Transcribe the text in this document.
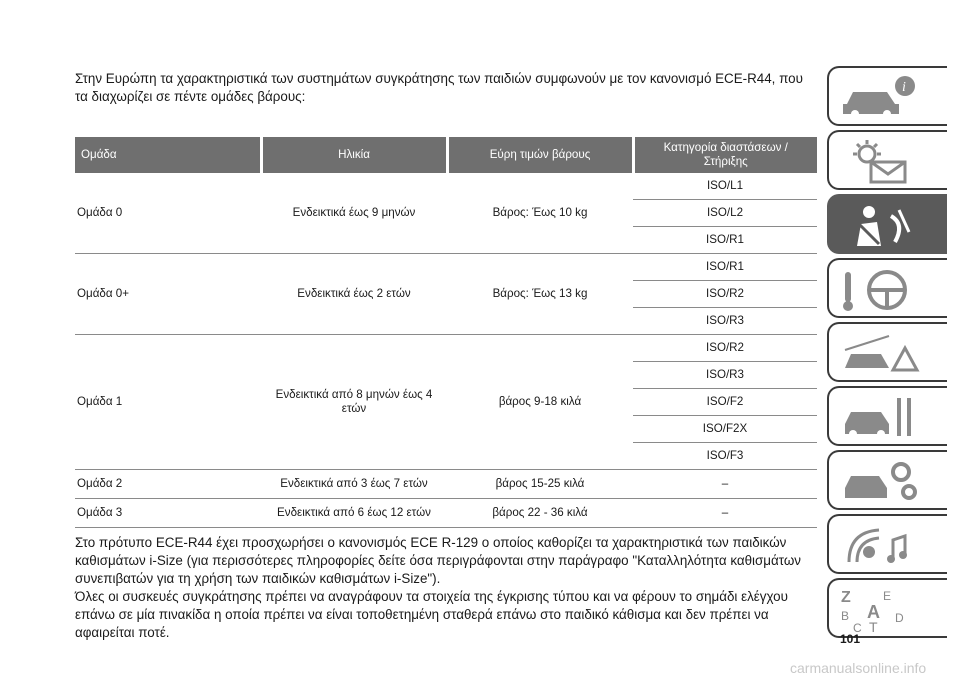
Στην Ευρώπη τα χαρακτηριστικά των συστημάτων συγκράτησης των παιδιών συμφωνούν με τον κανονισμό ECE-R44, που τα διαχωρίζει σε πέντε ομάδες βάρους:

Ομάδα	Ηλικία	Εύρη τιμών βάρους	Κατηγορία διαστάσεων / Στήριξης
Ομάδα 0	Ενδεικτικά έως 9 μηνών	Βάρος: Έως 10 kg	ISO/L1
			ISO/L2
			ISO/R1
Ομάδα 0+	Ενδεικτικά έως 2 ετών	Βάρος: Έως 13 kg	ISO/R1
			ISO/R2
			ISO/R3
Ομάδα 1	Ενδεικτικά από 8 μηνών έως 4 ετών	βάρος 9-18 κιλά	ISO/R2
			ISO/R3
			ISO/F2
			ISO/F2X
			ISO/F3
Ομάδα 2	Ενδεικτικά από 3 έως 7 ετών	βάρος 15-25 κιλά	–
Ομάδα 3	Ενδεικτικά από 6 έως 12 ετών	βάρος 22 - 36 κιλά	–

Στο πρότυπο ECE-R44 έχει προσχωρήσει ο κανονισμός ECE R-129 ο οποίος καθορίζει τα χαρακτηριστικά των παιδικών καθισμάτων i-Size (για περισσότερες πληροφορίες δείτε όσα περιγράφονται στην παράγραφο "Καταλληλότητα καθισμάτων συνεπιβατών για τη χρήση των παιδικών καθισμάτων i-Size").

Όλες οι συσκευές συγκράτησης πρέπει να αναγράφουν τα στοιχεία της έγκρισης τύπου και να φέρουν το σημάδι ελέγχου επάνω σε μία πινακίδα η οποία πρέπει να είναι τοποθετημένη σταθερά επάνω στο παιδικό κάθισμα και δεν πρέπει να αφαιρείται ποτέ.

i
Z	E
B A
C T
D
101
carmanualsonline.info
